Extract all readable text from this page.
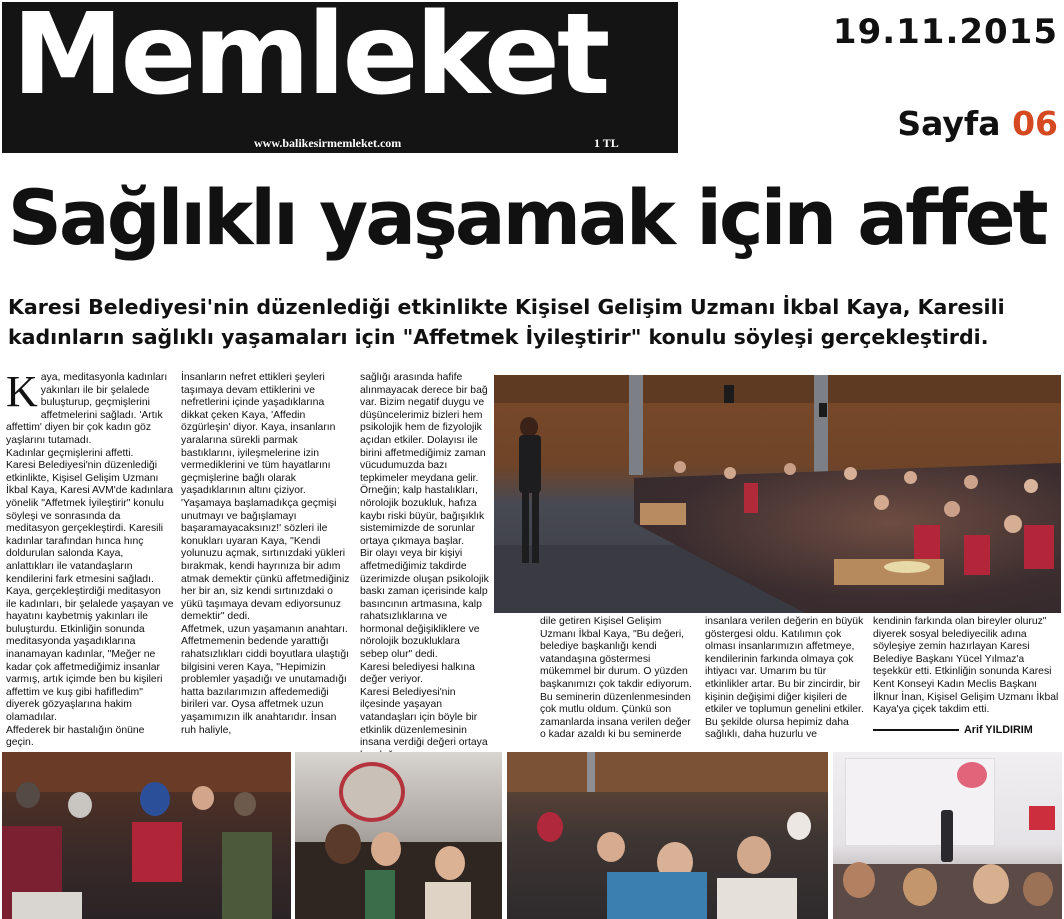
Memleket
www.balikesirmemleket.com	1 TL
19.11.2015
Sayfa 06
Sağlıklı yaşamak için affet
Karesi Belediyesi'nin düzenlediği etkinlikte Kişisel Gelişim Uzmanı İkbal Kaya, Karesili kadınların sağlıklı yaşamaları için "Affetmek İyileştirir" konulu söyleşi gerçekleştirdi.
K aya, meditasyonla kadınları yakınları ile bir şelalede buluşturup, geçmişlerini affetmelerini sağladı. 'Artık affettim' diyen bir çok kadın göz yaşlarını tutamadı.
Kadınlar geçmişlerini affetti.
Karesi Belediyesi'nin düzenlediği etkinlikte, Kişisel Gelişim Uzmanı İkbal Kaya, Karesi AVM'de kadınlara yönelik "Affetmek İyileştirir" konulu söyleşi ve sonrasında da meditasyon gerçekleştirdi. Karesili kadınlar tarafından hınca hınç doldurulan salonda Kaya, anlattıkları ile vatandaşların kendilerini fark etmesini sağladı. Kaya, gerçekleştirdiği meditasyon ile kadınları, bir şelalede yaşayan ve hayatını kaybetmiş yakınları ile buluşturdu. Etkinliğin sonunda meditasyonda yaşadıklarına inanamayan kadınlar, "Meğer ne kadar çok affetmediğimiz insanlar varmış, artık içimde ben bu kişileri affettim ve kuş gibi hafifledim" diyerek gözyaşlarına hakim olamadılar.
Affederek bir hastalığın önüne geçin.

İnsanların nefret ettikleri şeyleri taşımaya devam ettiklerini ve nefretlerini içinde yaşadıklarına dikkat çeken Kaya, 'Affedin özgürleşin' diyor. Kaya, insanların yaralarına sürekli parmak bastıklarını, iyileşmelerine izin vermediklerini ve tüm hayatlarını geçmişlerine bağlı olarak yaşadıklarının altını çiziyor. 'Yaşamaya başlamadıkça geçmişi unutmayı ve bağışlamayı başaramayacaksınız!' sözleri ile konukları uyaran Kaya, "Kendi yolunuzu açmak, sırtınızdaki yükleri bırakmak, kendi hayrınıza bir adım atmak demektir çünkü affetmediğiniz her bir an, siz kendi sırtınızdaki o yükü taşımaya devam ediyorsunuz demektir" dedi.
Affetmek, uzun yaşamanın anahtarı.
Affetmemenin bedende yarattığı rahatsızlıkları ciddi boyutlara ulaştığı bilgisini veren Kaya, "Hepimizin problemler yaşadığı ve unutamadığı hatta bazılarımızın affedemediği birileri var. Oysa affetmek uzun yaşamımızın ilk anahtarıdır. İnsan ruh haliyle,

sağlığı arasında hafife alınmayacak derece bir bağ var. Bizim negatif duygu ve düşüncelerimiz bizleri hem psikolojik hem de fizyolojik açıdan etkiler. Dolayısı ile birini affetmediğimiz zaman vücudumuzda bazı tepkimeler meydana gelir. Örneğin; kalp hastalıkları, nörolojik bozukluk, hafıza kaybı riski büyür, bağışıklık sistemimizde de sorunlar ortaya çıkmaya başlar.
Bir olayı veya bir kişiyi affetmediğimiz takdirde üzerimizde oluşan psikolojik baskı zaman içerisinde kalp basıncının artmasına, kalp rahatsızlıklarına ve hormonal değişikliklere ve nörolojik bozukluklara sebep olur" dedi.
Karesi belediyesi halkına değer veriyor.
Karesi Belediyesi'nin ilçesinde yaşayan vatandaşları için böyle bir etkinlik düzenlemesinin insana verdiği değeri ortaya

dile getiren Kişisel Gelişim Uzmanı İkbal Kaya, "Bu değeri, belediye başkanlığı kendi vatandaşına göstermesi mükemmel bir durum. O yüzden başkanımızı çok takdir ediyorum. Bu seminerin düzenlenmesinden çok mutlu oldum. Çünkü son zamanlarda insana verilen değer o kadar azaldı ki bu seminerde

insanlara verilen değerin en büyük göstergesi oldu. Katılımın çok olması insanlarımızın affetmeye, kendilerinin farkında olmaya çok ihtiyacı var. Umarım bu tür etkinlikler artar. Bu bir zincirdir, bir kişinin değişimi diğer kişileri de etkiler ve toplumun genelini etkiler. Bu şekilde olursa hepimiz daha sağlıklı, daha huzurlu ve

kendinin farkında olan bireyler oluruz" diyerek sosyal belediyecilik adına söyleşiye zemin hazırlayan Karesi Belediye Başkanı Yücel Yılmaz'a teşekkür etti. Etkinliğin sonunda Karesi Kent Konseyi Kadın Meclis Başkanı İlknur İnan, Kişisel Gelişim Uzmanı İkbal Kaya'ya çiçek takdim etti.

Arif YILDIRIM
